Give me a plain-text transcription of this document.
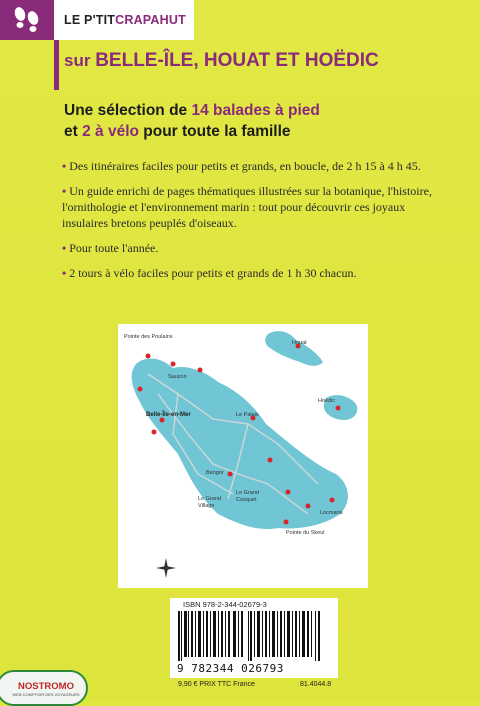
LE P'TIT CRAPAHUT
sur BELLE-ÎLE, HOUAT ET HOËDIC
Une sélection de 14 balades à pied
et 2 à vélo pour toute la famille
• Des itinéraires faciles pour petits et grands, en boucle, de 2 h 15 à 4 h 45.
• Un guide enrichi de pages thématiques illustrées sur la botanique, l'histoire, l'ornithologie et l'environnement marin : tout pour découvrir ces joyaux insulaires bretons peuplés d'oiseaux.
• Pour toute l'année.
• 2 tours à vélo faciles pour petits et grands de 1 h 30 chacun.
Pointe des Poulains
Sauzon
Belle-Île-en-Mer	Le Palais
Bangor
Le Grand
Village
Le Grand
Cosquet
Locmaria
Pointe du Skeul
Houat
Hoëdic
ISBN 978-2-344-02679-3
9 782344 026793
9,90 € PRIX TTC France	81.4044.8
NOSTROMO
WEB COMPTOIR DES VOYAGEURS
